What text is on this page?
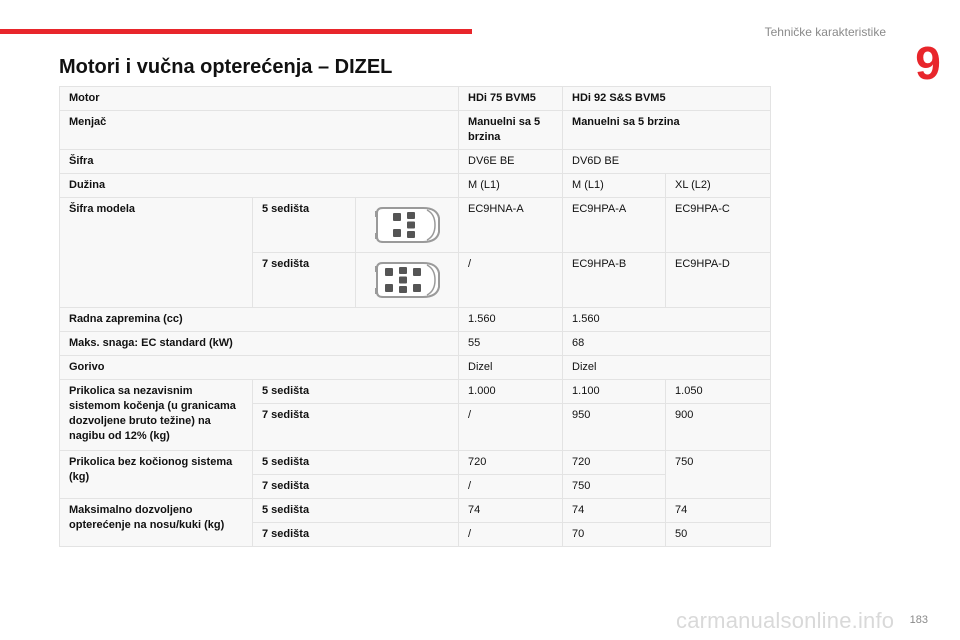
Tehničke karakteristike
9
Motori i vučna opterećenja – DIZEL
Motor			HDi 75 BVM5	HDi 92 S&S BVM5	
Menjač			Manuelni sa 5 brzina	Manuelni sa 5 brzina	
Šifra			DV6E BE	DV6D BE	
Dužina			M (L1)	M (L1)	XL (L2)
Šifra modela	5 sedišta		EC9HNA-A	EC9HPA-A	EC9HPA-C
	7 sedišta		/	EC9HPA-B	EC9HPA-D
Radna zapremina (cc)			1.560	1.560	
Maks. snaga: EC standard (kW)			55	68	
Gorivo			Dizel	Dizel	
Prikolica sa nezavisnim sistemom kočenja (u granicama dozvoljene bruto težine) na nagibu od 12% (kg)	5 sedišta		1.000	1.100	1.050
	7 sedišta		/	950	900
Prikolica bez kočionog sistema (kg)	5 sedišta		720	720	750
	7 sedišta		/	750	
Maksimalno dozvoljeno opterećenje na nosu/kuki (kg)	5 sedišta		74	74	74
	7 sedišta		/	70	50
183
carmanualsonline.info
